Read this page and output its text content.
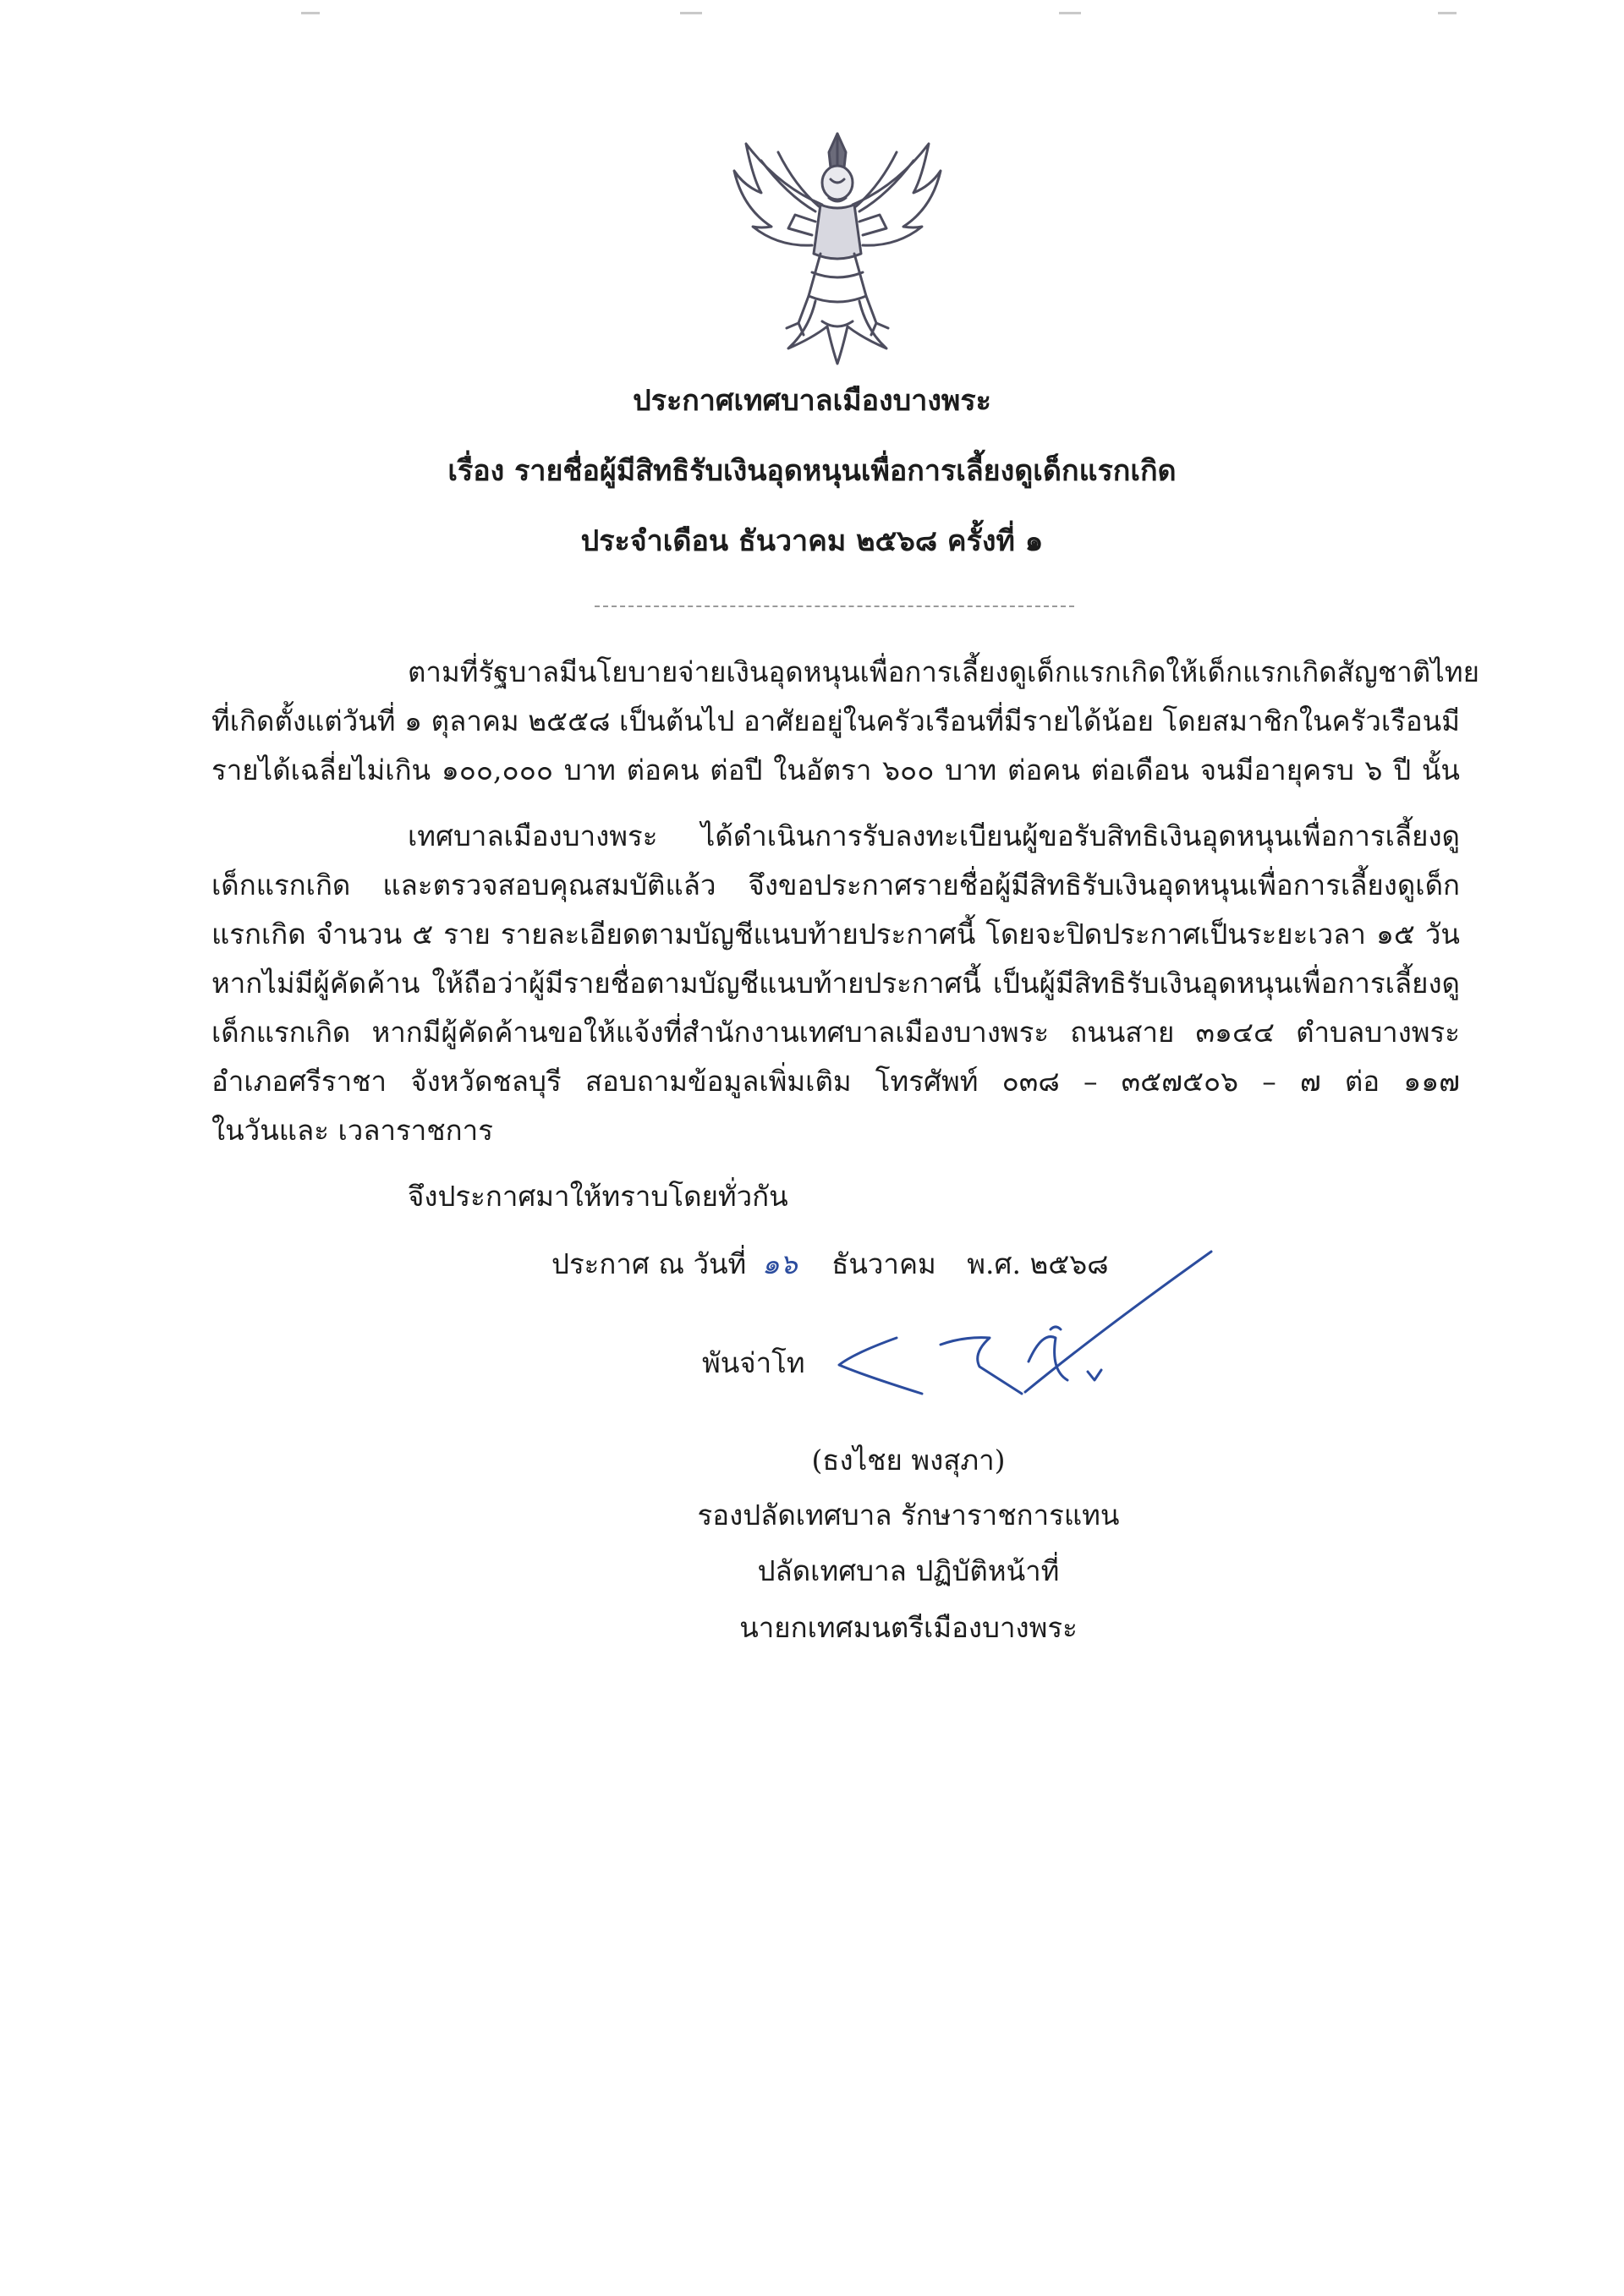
ประกาศเทศบาลเมืองบางพระ
เรื่อง รายชื่อผู้มีสิทธิรับเงินอุดหนุนเพื่อการเลี้ยงดูเด็กแรกเกิด
ประจำเดือน ธันวาคม ๒๕๖๘ ครั้งที่ ๑
ตามที่รัฐบาลมีนโยบายจ่ายเงินอุดหนุนเพื่อการเลี้ยงดูเด็กแรกเกิดให้เด็กแรกเกิดสัญชาติไทย
ที่เกิดตั้งแต่วันที่ ๑ ตุลาคม ๒๕๕๘ เป็นต้นไป อาศัยอยู่ในครัวเรือนที่มีรายได้น้อย โดยสมาชิกในครัวเรือนมี
รายได้เฉลี่ยไม่เกิน ๑๐๐,๐๐๐ บาท ต่อคน ต่อปี ในอัตรา ๖๐๐ บาท ต่อคน ต่อเดือน จนมีอายุครบ ๖ ปี นั้น
เทศบาลเมืองบางพระ ได้ดำเนินการรับลงทะเบียนผู้ขอรับสิทธิเงินอุดหนุนเพื่อการเลี้ยงดู
เด็กแรกเกิด และตรวจสอบคุณสมบัติแล้ว จึงขอประกาศรายชื่อผู้มีสิทธิรับเงินอุดหนุนเพื่อการเลี้ยงดูเด็ก
แรกเกิด จำนวน ๕ ราย รายละเอียดตามบัญชีแนบท้ายประกาศนี้ โดยจะปิดประกาศเป็นระยะเวลา ๑๕ วัน
หากไม่มีผู้คัดค้าน ให้ถือว่าผู้มีรายชื่อตามบัญชีแนบท้ายประกาศนี้ เป็นผู้มีสิทธิรับเงินอุดหนุนเพื่อการเลี้ยงดู
เด็กแรกเกิด หากมีผู้คัดค้านขอให้แจ้งที่สำนักงานเทศบาลเมืองบางพระ ถนนสาย ๓๑๔๔ ตำบลบางพระ
อำเภอศรีราชา จังหวัดชลบุรี สอบถามข้อมูลเพิ่มเติม โทรศัพท์ ๐๓๘ – ๓๕๗๕๐๖ – ๗ ต่อ ๑๑๗
ในวันและ เวลาราชการ
จึงประกาศมาให้ทราบโดยทั่วกัน
ประกาศ ณ วันที่ ๑๖ ธันวาคม พ.ศ. ๒๕๖๘
พันจ่าโท
(ธงไชย พงสุภา)
รองปลัดเทศบาล รักษาราชการแทน
ปลัดเทศบาล ปฏิบัติหน้าที่
นายกเทศมนตรีเมืองบางพระ
